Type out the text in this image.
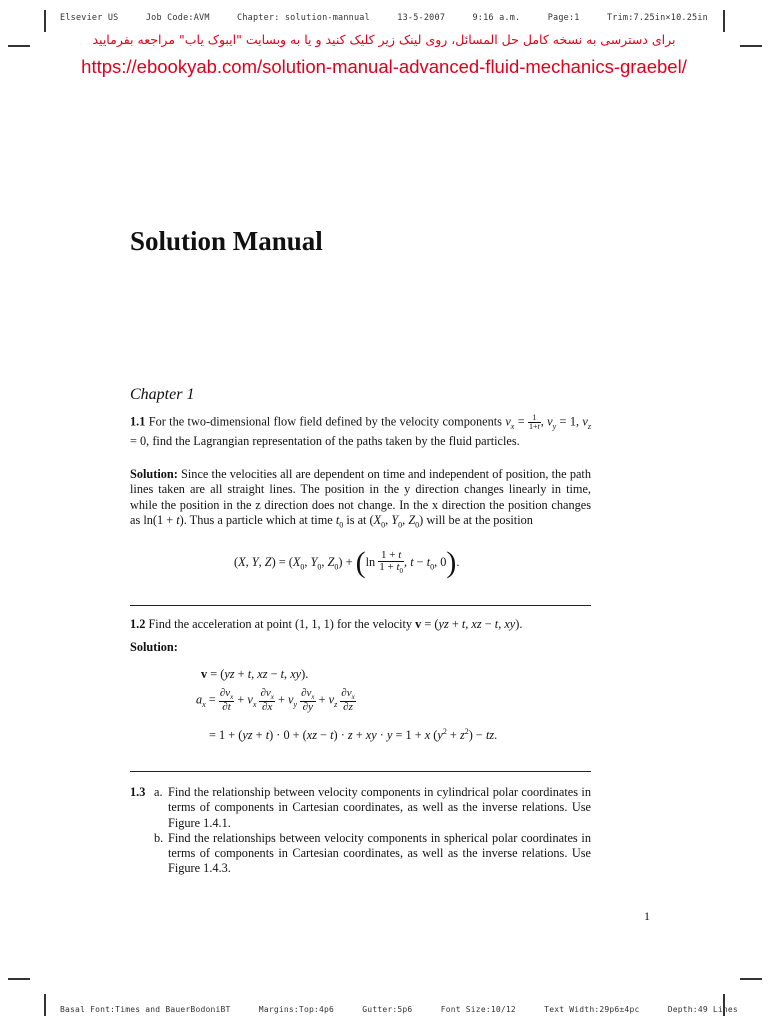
Elsevier US	Job Code:AVM	Chapter: solution-mannual	13-5-2007	9:16 a.m.	Page:1	Trim:7.25in×10.25in
برای دسترسی به نسخه کامل حل المسائل، روی لینک زیر کلیک کنید و یا به وبسایت "ایبوک یاب" مراجعه بفرمایید
https://ebookyab.com/solution-manual-advanced-fluid-mechanics-graebel/
Solution Manual
Chapter 1
1.1 For the two-dimensional flow field defined by the velocity components $v_x = \frac{1}{1+t}$ , $v_y = 1$, $v_z = 0$, find the Lagrangian representation of the paths taken by the fluid particles.
Solution: Since the velocities all are dependent on time and independent of position, the path lines taken are all straight lines. The position in the y direction changes linearly in time, while the position in the z direction does not change. In the x direction the position changes as ln(1 + t). Thus a particle which at time $t_0$ is at ($X_0$, $Y_0$, $Z_0$) will be at the position
(X, Y, $Z) = (X_0$, $Y_0$, $Z_0) + (\ln \frac{1 + t}{1 + t_0}$ , $t - t_0$, 0).
1.2 Find the acceleration at point (1, 1, 1) for the velocity v = (yz + t, xz − t, xy).
Solution:
v = (yz + t, xz − t, xy).
$a_x = \frac{\partial v_x}{\partial t} + v_x \frac{\partial v_x}{\partial x} + v_y \frac{\partial v_x}{\partial y} + v_z \frac{\partial v_x}{\partial z}$
= 1 + (yz + t) · 0 + (xz − t) · z + xy · y = 1 + x $(y^2 + z^2)$ − tz.
1.3 a. Find the relationship between velocity components in cylindrical polar coordinates in terms of components in Cartesian coordinates, as well as the inverse relations. Use Figure 1.4.1.
b. Find the relationships between velocity components in spherical polar coordinates in terms of components in Cartesian coordinates, as well as the inverse relations. Use Figure 1.4.3.
1
Basal Font:Times and BauerBodoniBT	Margins:Top:4p6	Gutter:5p6	Font Size:10/12	Text Width:29p6±4pc	Depth:49 Lines
